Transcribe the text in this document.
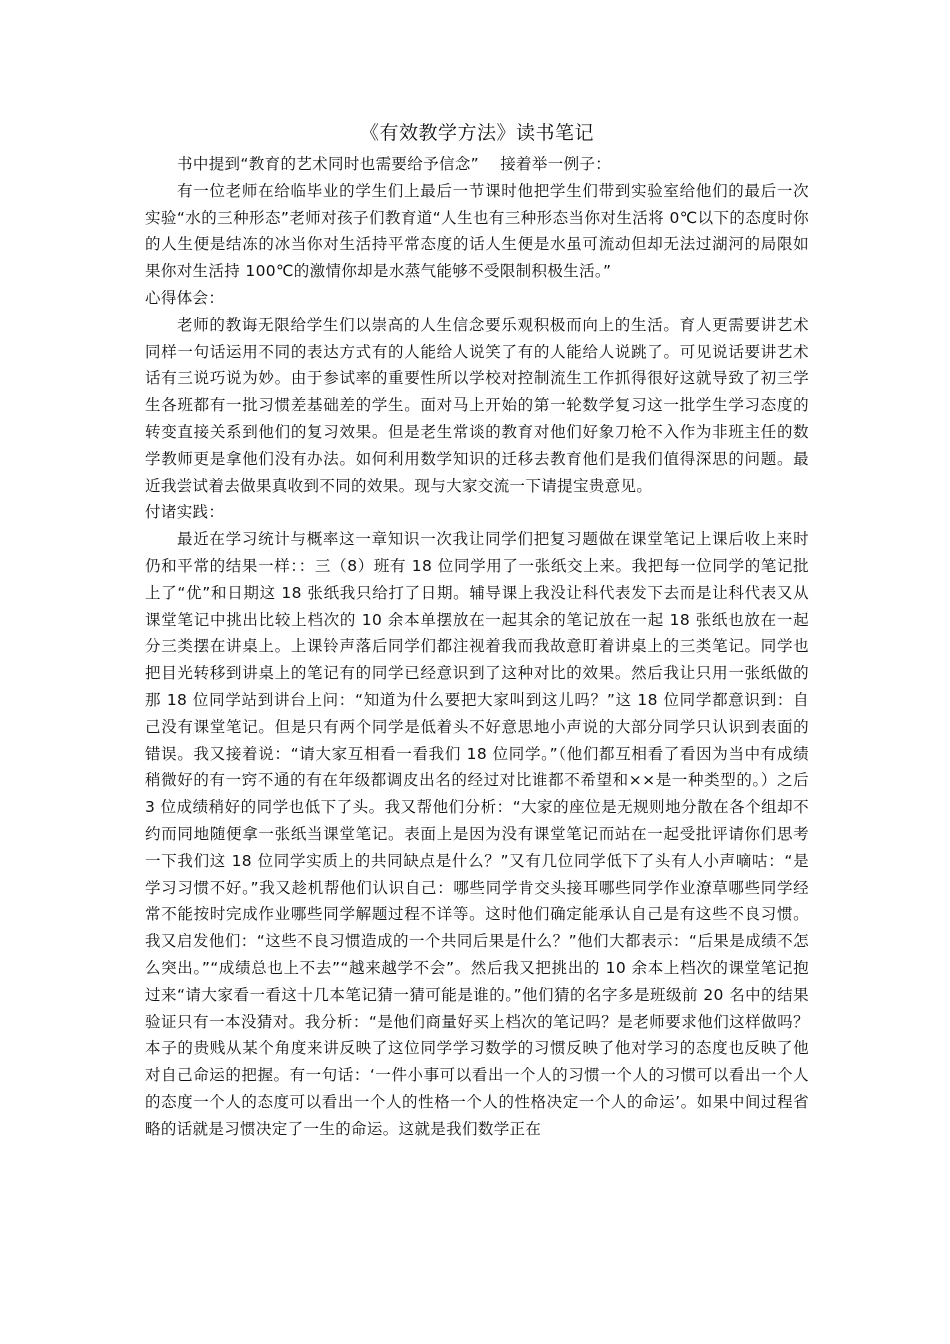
《有效教学方法》读书笔记

书中提到“教育的艺术同时也需要给予信念”　 接着举一例子：

有一位老师在给临毕业的学生们上最后一节课时他把学生们带到实验室给他们的最后一次实验“水的三种形态”老师对孩子们教育道“人生也有三种形态当你对生活将 0℃以下的态度时你的人生便是结冻的冰当你对生活持平常态度的话人生便是水虽可流动但却无法过湖河的局限如果你对生活持 100℃的激情你却是水蒸气能够不受限制积极生活。”

心得体会：

老师的教诲无限给学生们以崇高的人生信念要乐观积极而向上的生活。育人更需要讲艺术同样一句话运用不同的表达方式有的人能给人说笑了有的人能给人说跳了。可见说话要讲艺术话有三说巧说为妙。由于参试率的重要性所以学校对控制流生工作抓得很好这就导致了初三学生各班都有一批习惯差基础差的学生。面对马上开始的第一轮数学复习这一批学生学习态度的转变直接关系到他们的复习效果。但是老生常谈的教育对他们好象刀枪不入作为非班主任的数学教师更是拿他们没有办法。如何利用数学知识的迁移去教育他们是我们值得深思的问题。最近我尝试着去做果真收到不同的效果。现与大家交流一下请提宝贵意见。

付诸实践：

最近在学习统计与概率这一章知识一次我让同学们把复习题做在课堂笔记上课后收上来时仍和平常的结果一样：：三（8）班有 18 位同学用了一张纸交上来。我把每一位同学的笔记批上了“优”和日期这 18 张纸我只给打了日期。辅导课上我没让科代表发下去而是让科代表又从课堂笔记中挑出比较上档次的 10 余本单摆放在一起其余的笔记放在一起 18 张纸也放在一起分三类摆在讲桌上。上课铃声落后同学们都注视着我而我故意盯着讲桌上的三类笔记。同学也把目光转移到讲桌上的笔记有的同学已经意识到了这种对比的效果。然后我让只用一张纸做的那 18 位同学站到讲台上问：“知道为什么要把大家叫到这儿吗？”这 18 位同学都意识到：自己没有课堂笔记。但是只有两个同学是低着头不好意思地小声说的大部分同学只认识到表面的错误。我又接着说：“请大家互相看一看我们 18 位同学。”（他们都互相看了看因为当中有成绩稍微好的有一窍不通的有在年级都调皮出名的经过对比谁都不希望和××是一种类型的。）之后 3 位成绩稍好的同学也低下了头。我又帮他们分析：“大家的座位是无规则地分散在各个组却不约而同地随便拿一张纸当课堂笔记。表面上是因为没有课堂笔记而站在一起受批评请你们思考一下我们这 18 位同学实质上的共同缺点是什么？”又有几位同学低下了头有人小声嘀咕：“是学习习惯不好。”我又趁机帮他们认识自己：哪些同学肯交头接耳哪些同学作业潦草哪些同学经常不能按时完成作业哪些同学解题过程不详等。这时他们确定能承认自己是有这些不良习惯。我又启发他们：“这些不良习惯造成的一个共同后果是什么？”他们大都表示：“后果是成绩不怎么突出。”“成绩总也上不去”“越来越学不会”。然后我又把挑出的 10 余本上档次的课堂笔记抱过来“请大家看一看这十几本笔记猜一猜可能是谁的。”他们猜的名字多是班级前 20 名中的结果验证只有一本没猜对。我分析：“是他们商量好买上档次的笔记吗？是老师要求他们这样做吗？本子的贵贱从某个角度来讲反映了这位同学学习数学的习惯反映了他对学习的态度也反映了他对自己命运的把握。有一句话：‘一件小事可以看出一个人的习惯一个人的习惯可以看出一个人的态度一个人的态度可以看出一个人的性格一个人的性格决定一个人的命运’。如果中间过程省略的话就是习惯决定了一生的命运。这就是我们数学正在
